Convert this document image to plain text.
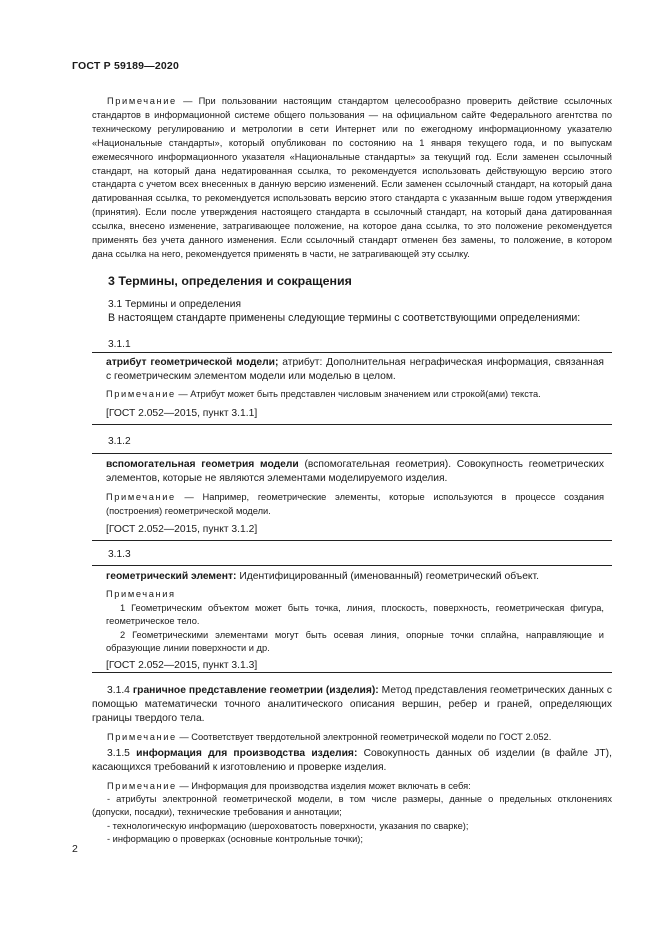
ГОСТ Р 59189—2020

Примечание — При пользовании настоящим стандартом целесообразно проверить действие ссылочных стандартов в информационной системе общего пользования — на официальном сайте Федерального агентства по техническому регулированию и метрологии в сети Интернет или по ежегодному информационному указателю «Национальные стандарты», который опубликован по состоянию на 1 января текущего года, и по выпускам ежемесячного информационного указателя «Национальные стандарты» за текущий год. Если заменен ссылочный стандарт, на который дана недатированная ссылка, то рекомендуется использовать действующую версию этого стандарта с учетом всех внесенных в данную версию изменений. Если заменен ссылочный стандарт, на который дана датированная ссылка, то рекомендуется использовать версию этого стандарта с указанным выше годом утверждения (принятия). Если после утверждения настоящего стандарта в ссылочный стандарт, на который дана датированная ссылка, внесено изменение, затрагивающее положение, на которое дана ссылка, то это положение рекомендуется применять без учета данного изменения. Если ссылочный стандарт отменен без замены, то положение, в котором дана ссылка на него, рекомендуется применять в части, не затрагивающей эту ссылку.

3 Термины, определения и сокращения
3.1 Термины и определения
В настоящем стандарте применены следующие термины с соответствующими определениями:
3.1.1

атрибут геометрической модели; атрибут: Дополнительная неграфическая информация, связанная с геометрическим элементом модели или моделью в целом.

Примечание — Атрибут может быть представлен числовым значением или строкой(ами) текста.

[ГОСТ 2.052—2015, пункт 3.1.1]

3.1.2

вспомогательная геометрия модели (вспомогательная геометрия). Совокупность геометрических элементов, которые не являются элементами моделируемого изделия.

Примечание — Например, геометрические элементы, которые используются в процессе создания (построения) геометрической модели.

[ГОСТ 2.052—2015, пункт 3.1.2]

3.1.3

геометрический элемент: Идентифицированный (именованный) геометрический объект.

Примечания

1 Геометрическим объектом может быть точка, линия, плоскость, поверхность, геометрическая фигура, геометрическое тело.

2 Геометрическими элементами могут быть осевая линия, опорные точки сплайна, направляющие и образующие линии поверхности и др.

[ГОСТ 2.052—2015, пункт 3.1.3]

3.1.4 граничное представление геометрии (изделия): Метод представления геометрических данных с помощью математически точного аналитического описания вершин, ребер и граней, определяющих границы твердого тела.

Примечание — Соответствует твердотельной электронной геометрической модели по ГОСТ 2.052.

3.1.5 информация для производства изделия: Совокупность данных об изделии (в файле JT), касающихся требований к изготовлению и проверке изделия.

Примечание — Информация для производства изделия может включать в себя:

- атрибуты электронной геометрической модели, в том числе размеры, данные о предельных отклонениях (допуски, посадки), технические требования и аннотации;

- технологическую информацию (шероховатость поверхности, указания по сварке);

- информацию о проверках (основные контрольные точки);

2
